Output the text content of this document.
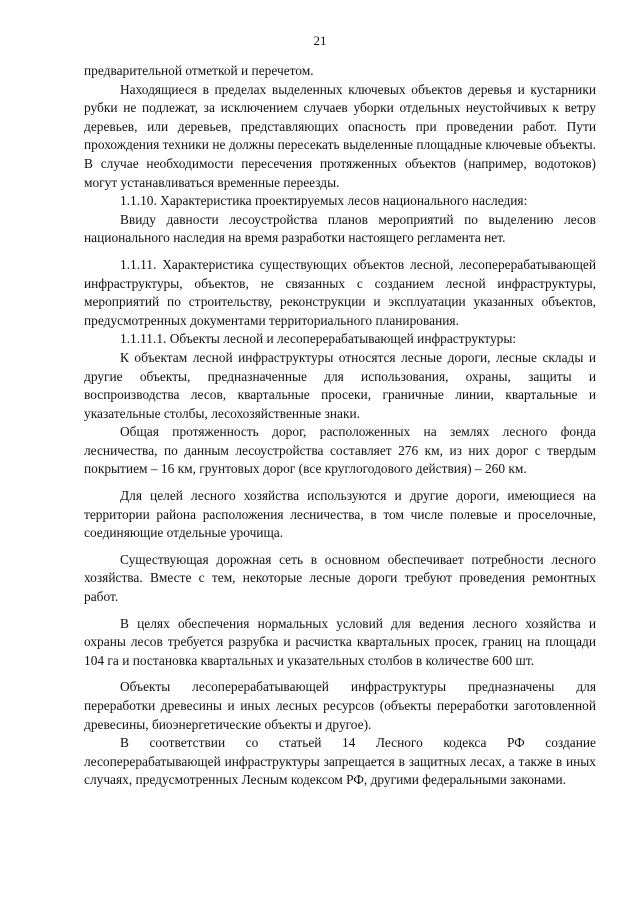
21

предварительной отметкой и перечетом.

Находящиеся в пределах выделенных ключевых объектов деревья и кустарники рубки не подлежат, за исключением случаев уборки отдельных неустойчивых к ветру деревьев, или деревьев, представляющих опасность при проведении работ. Пути прохождения техники не должны пересекать выделенные площадные ключевые объекты. В случае необходимости пересечения протяженных объектов (например, водотоков) могут устанавливаться временные переезды.

1.1.10. Характеристика проектируемых лесов национального наследия:

Ввиду давности лесоустройства планов мероприятий по выделению лесов национального наследия на время разработки настоящего регламента нет.

1.1.11. Характеристика существующих объектов лесной, лесоперерабатывающей инфраструктуры, объектов, не связанных с созданием лесной инфраструктуры, мероприятий по строительству, реконструкции и эксплуатации указанных объектов, предусмотренных документами территориального планирования.

1.1.11.1. Объекты лесной и лесоперерабатывающей инфраструктуры:

К объектам лесной инфраструктуры относятся лесные дороги, лесные склады и другие объекты, предназначенные для использования, охраны, защиты и воспроизводства лесов, квартальные просеки, граничные линии, квартальные и указательные столбы, лесохозяйственные знаки.

Общая протяженность дорог, расположенных на землях лесного фонда лесничества, по данным лесоустройства составляет 276 км, из них дорог с твердым покрытием – 16 км, грунтовых дорог (все круглогодового действия) – 260 км.

Для целей лесного хозяйства используются и другие дороги, имеющиеся на территории района расположения лесничества, в том числе полевые и проселочные, соединяющие отдельные урочища.

Существующая дорожная сеть в основном обеспечивает потребности лесного хозяйства. Вместе с тем, некоторые лесные дороги требуют проведения ремонтных работ.

В целях обеспечения нормальных условий для ведения лесного хозяйства и охраны лесов требуется разрубка и расчистка квартальных просек, границ на площади 104 га и постановка квартальных и указательных столбов в количестве 600 шт.

Объекты лесоперерабатывающей инфраструктуры предназначены для переработки древесины и иных лесных ресурсов (объекты переработки заготовленной древесины, биоэнергетические объекты и другое).

В соответствии со статьей 14 Лесного кодекса РФ создание лесоперерабатывающей инфраструктуры запрещается в защитных лесах, а также в иных случаях, предусмотренных Лесным кодексом РФ, другими федеральными законами.
